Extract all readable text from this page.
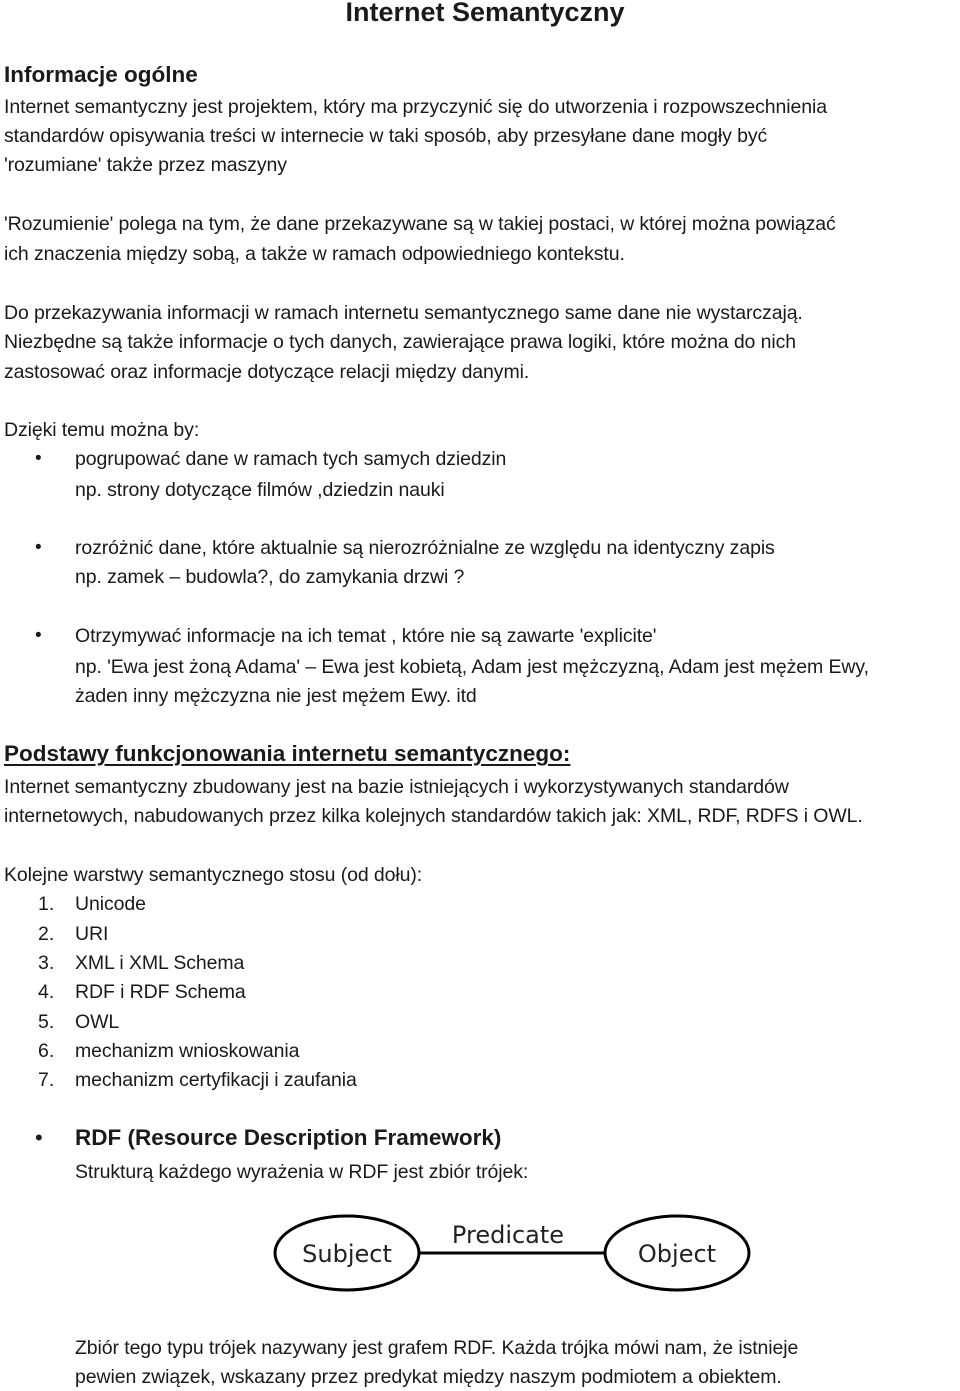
Internet Semantyczny
Informacje ogólne
Internet semantyczny jest projektem, który ma przyczynić się do utworzenia i rozpowszechnienia
standardów opisywania treści w internecie w taki sposób, aby przesyłane dane mogły być
'rozumiane' także przez maszyny
'Rozumienie' polega na tym, że dane przekazywane są w takiej postaci, w której można powiązać
ich znaczenia między sobą, a także w ramach odpowiedniego kontekstu.
Do przekazywania informacji w ramach internetu semantycznego same dane nie wystarczają.
Niezbędne są także informacje o tych danych, zawierające prawa logiki, które można do nich
zastosować oraz informacje dotyczące relacji między danymi.
Dzięki temu można by:
• pogrupować dane w ramach tych samych dziedzin
np. strony dotyczące filmów ,dziedzin nauki
• rozróżnić dane, które aktualnie są nierozróżnialne ze względu na identyczny zapis
np. zamek – budowla?, do zamykania drzwi ?
• Otrzymywać informacje na ich temat , które nie są zawarte 'explicite'
np. 'Ewa jest żoną Adama' – Ewa jest kobietą, Adam jest mężczyzną, Adam jest mężem Ewy,
żaden inny mężczyzna nie jest mężem Ewy. itd
Podstawy funkcjonowania internetu semantycznego:
Internet semantyczny zbudowany jest na bazie istniejących i wykorzystywanych standardów
internetowych, nabudowanych przez kilka kolejnych standardów takich jak: XML, RDF, RDFS i OWL.
Kolejne warstwy semantycznego stosu (od dołu):
1. Unicode
2. URI
3. XML i XML Schema
4. RDF i RDF Schema
5. OWL
6. mechanizm wnioskowania
7. mechanizm certyfikacji i zaufania
• RDF (Resource Description Framework)
Strukturą każdego wyrażenia w RDF jest zbiór trójek:
Subject
Predicate
Object
Zbiór tego typu trójek nazywany jest grafem RDF. Każda trójka mówi nam, że istnieje
pewien związek, wskazany przez predykat między naszym podmiotem a obiektem.
